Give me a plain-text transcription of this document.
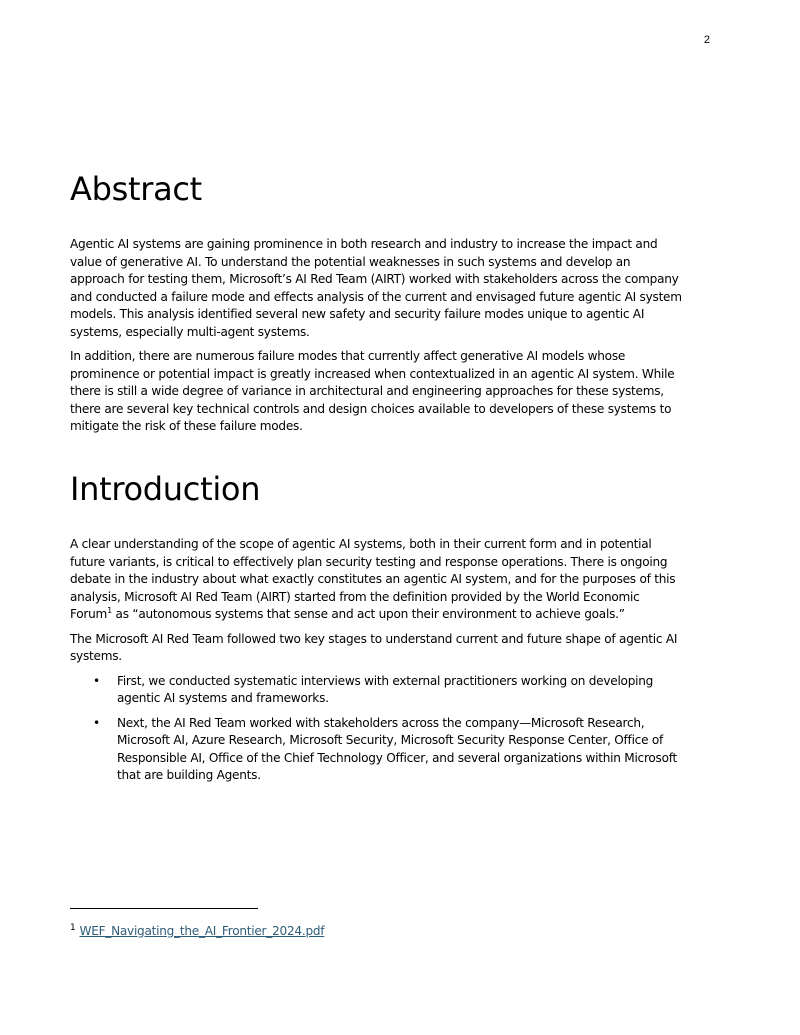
2
Abstract

Agentic AI systems are gaining prominence in both research and industry to increase the impact and value of generative AI. To understand the potential weaknesses in such systems and develop an approach for testing them, Microsoft’s AI Red Team (AIRT) worked with stakeholders across the company and conducted a failure mode and effects analysis of the current and envisaged future agentic AI system models. This analysis identified several new safety and security failure modes unique to agentic AI systems, especially multi-agent systems.

In addition, there are numerous failure modes that currently affect generative AI models whose prominence or potential impact is greatly increased when contextualized in an agentic AI system. While there is still a wide degree of variance in architectural and engineering approaches for these systems, there are several key technical controls and design choices available to developers of these systems to mitigate the risk of these failure modes.

Introduction

A clear understanding of the scope of agentic AI systems, both in their current form and in potential future variants, is critical to effectively plan security testing and response operations. There is ongoing debate in the industry about what exactly constitutes an agentic AI system, and for the purposes of this analysis, Microsoft AI Red Team (AIRT) started from the definition provided by the World Economic Forum$^1$ as “autonomous systems that sense and act upon their environment to achieve goals.”

The Microsoft AI Red Team followed two key stages to understand current and future shape of agentic AI systems.

• First, we conducted systematic interviews with external practitioners working on developing agentic AI systems and frameworks.
• Next, the AI Red Team worked with stakeholders across the company—Microsoft Research, Microsoft AI, Azure Research, Microsoft Security, Microsoft Security Response Center, Office of Responsible AI, Office of the Chief Technology Officer, and several organizations within Microsoft that are building Agents.
$^1$ WEF_Navigating_the_AI_Frontier_2024.pdf
